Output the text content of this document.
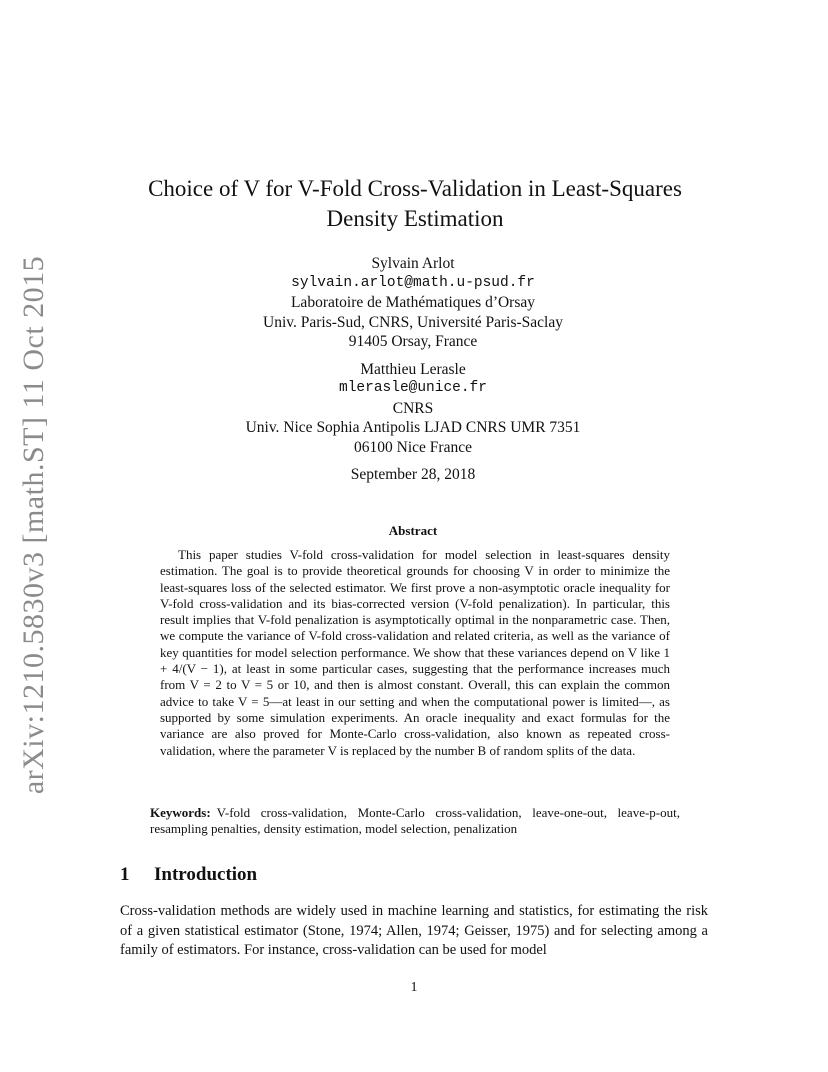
arXiv:1210.5830v3 [math.ST] 11 Oct 2015
Choice of V for V-Fold Cross-Validation in Least-Squares
Density Estimation
Sylvain Arlot
sylvain.arlot@math.u-psud.fr
Laboratoire de Mathématiques d’Orsay
Univ. Paris-Sud, CNRS, Université Paris-Saclay
91405 Orsay, France
Matthieu Lerasle
mlerasle@unice.fr
CNRS
Univ. Nice Sophia Antipolis LJAD CNRS UMR 7351
06100 Nice France
September 28, 2018
Abstract

This paper studies V-fold cross-validation for model selection in least-squares density estimation. The goal is to provide theoretical grounds for choosing V in order to minimize the least-squares loss of the selected estimator. We first prove a non-asymptotic oracle inequality for V-fold cross-validation and its bias-corrected version (V-fold penalization). In particular, this result implies that V-fold penalization is asymptotically optimal in the nonparametric case. Then, we compute the variance of V-fold cross-validation and related criteria, as well as the variance of key quantities for model selection performance. We show that these variances depend on V like 1 + 4/(V − 1), at least in some particular cases, suggesting that the performance increases much from V = 2 to V = 5 or 10, and then is almost constant. Overall, this can explain the common advice to take V = 5—at least in our setting and when the computational power is limited—, as supported by some simulation experiments. An oracle inequality and exact formulas for the variance are also proved for Monte-Carlo cross-validation, also known as repeated cross-validation, where the parameter V is replaced by the number B of random splits of the data.

Keywords: V-fold cross-validation, Monte-Carlo cross-validation, leave-one-out, leave-p-out, resampling penalties, density estimation, model selection, penalization

1 Introduction

Cross-validation methods are widely used in machine learning and statistics, for estimating the risk of a given statistical estimator (Stone, 1974; Allen, 1974; Geisser, 1975) and for selecting among a family of estimators. For instance, cross-validation can be used for model

1
